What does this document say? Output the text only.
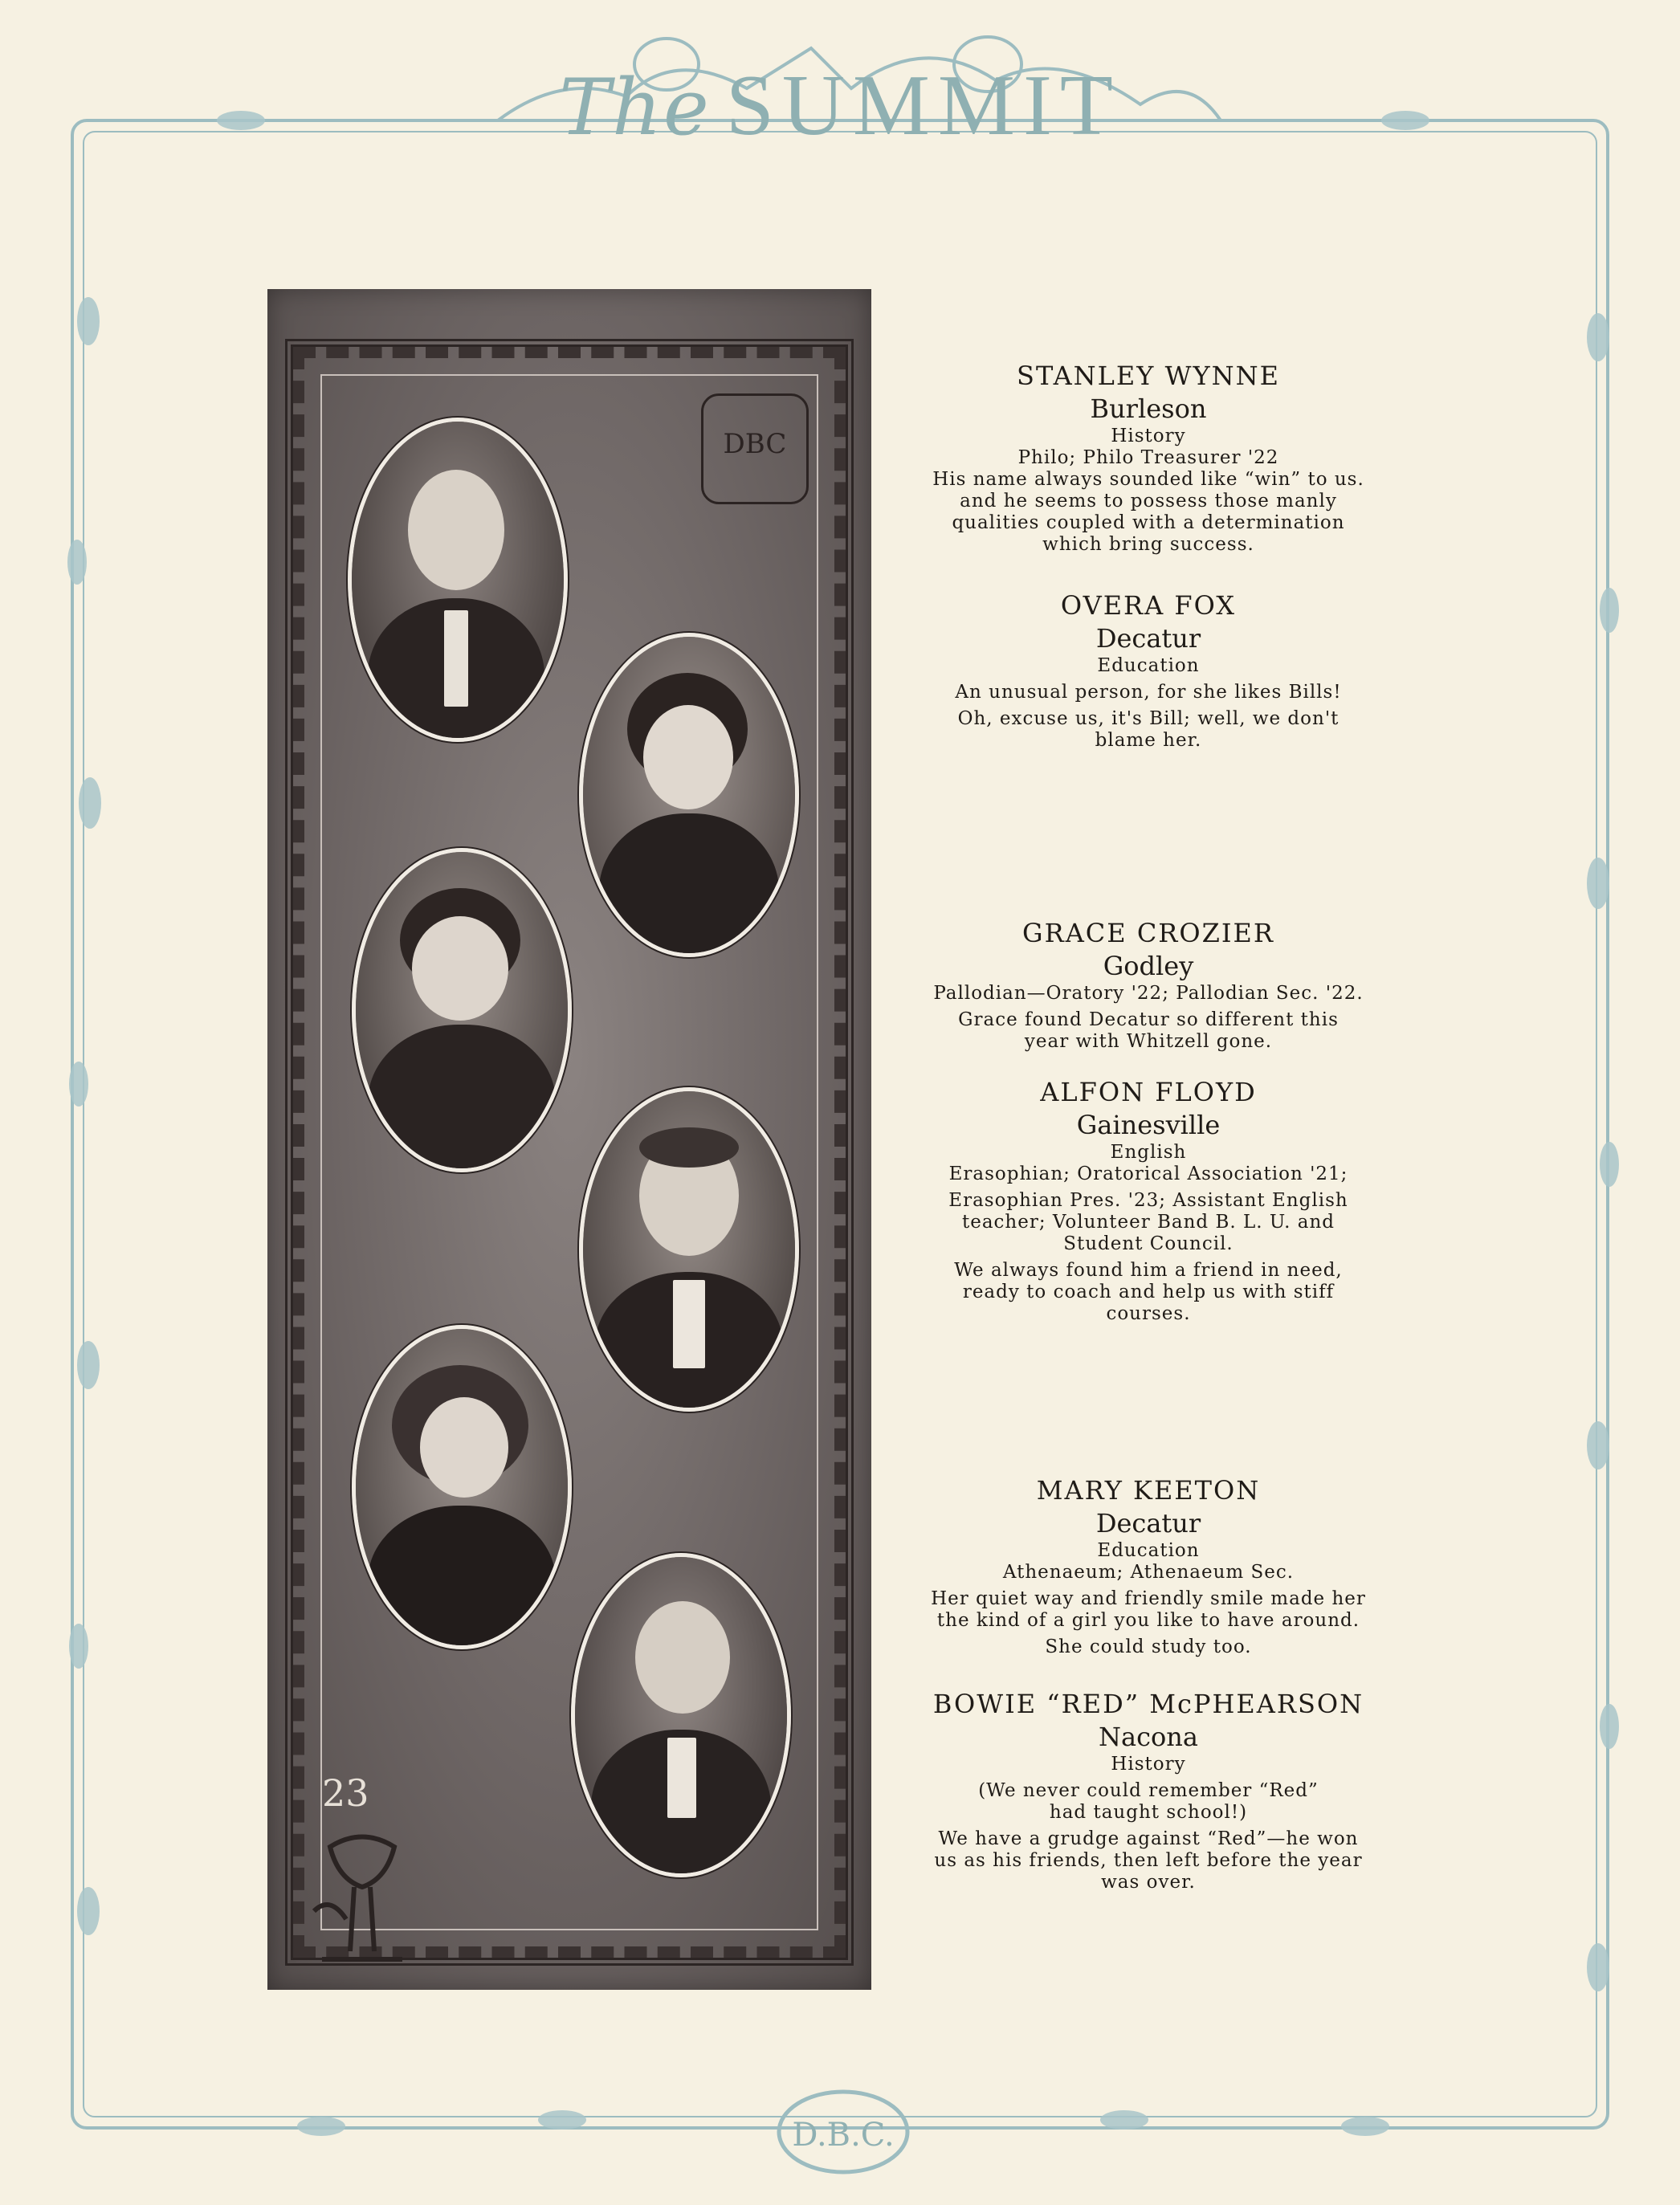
D.B.C.
The SUMMIT
DBC
23
STANLEY WYNNE
Burleson
History
Philo; Philo Treasurer '22
His name always sounded like “win” to us.
and he seems to possess those manly
qualities coupled with a determination
which bring success.
OVERA FOX
Decatur
Education
An unusual person, for she likes Bills!
Oh, excuse us, it's Bill; well, we don't
blame her.
GRACE CROZIER
Godley
Pallodian—Oratory '22; Pallodian Sec. '22.
Grace found Decatur so different this
year with Whitzell gone.
ALFON FLOYD
Gainesville
English
Erasophian; Oratorical Association '21;
Erasophian Pres. '23; Assistant English
teacher; Volunteer Band B. L. U. and
Student Council.
We always found him a friend in need,
ready to coach and help us with stiff
courses.
MARY KEETON
Decatur
Education
Athenaeum; Athenaeum Sec.
Her quiet way and friendly smile made her
the kind of a girl you like to have around.
She could study too.
BOWIE “RED” McPHEARSON
Nacona
History
(We never could remember “Red”
had taught school!)
We have a grudge against “Red”—he won
us as his friends, then left before the year
was over.
